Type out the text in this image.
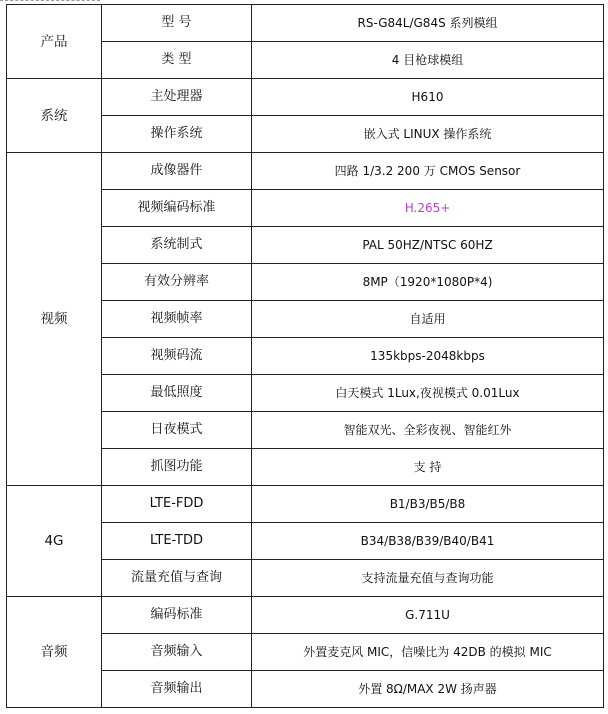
产品	型 号	RS-G84L/G84S 系列模组
	类 型	4 目枪球模组
系统	主处理器	H610
	操作系统	嵌入式 LINUX 操作系统
视频	成像器件	四路 1/3.2 200 万 CMOS Sensor
	视频编码标准	H.265+
	系统制式	PAL 50HZ/NTSC 60HZ
	有效分辨率	8MP（1920*1080P*4)
	视频帧率	自适用
	视频码流	135kbps-2048kbps
	最低照度	白天模式 1Lux,夜视模式 0.01Lux
	日夜模式	智能双光、全彩夜视、智能红外
	抓图功能	支 持
4G	LTE-FDD	B1/B3/B5/B8
	LTE-TDD	B34/B38/B39/B40/B41
	流量充值与查询	支持流量充值与查询功能
音频	编码标准	G.711U
	音频输入	外置麦克风 MIC，信噪比为 42DB 的模拟 MIC
	音频输出	外置 8Ω/MAX 2W 扬声器
